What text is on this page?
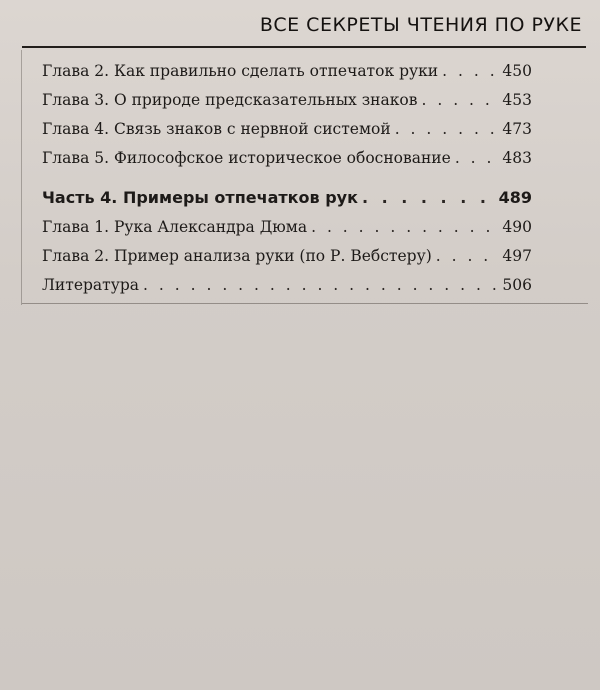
ВСЕ СЕКРЕТЫ ЧТЕНИЯ ПО РУКЕ
Глава 2. Как правильно сделать отпечаток руки . . .	450
Глава 3. О природе предсказательных знаков . . .	453
Глава 4. Связь знаков с нервной системой . . .	473
Глава 5. Философское историческое обоснование . . .	483
Часть 4. Примеры отпечатков рук . . .	489
Глава 1. Рука Александра Дюма . . .	490
Глава 2. Пример анализа руки (по Р. Вебстеру) . . .	497
Литература . . .	506
